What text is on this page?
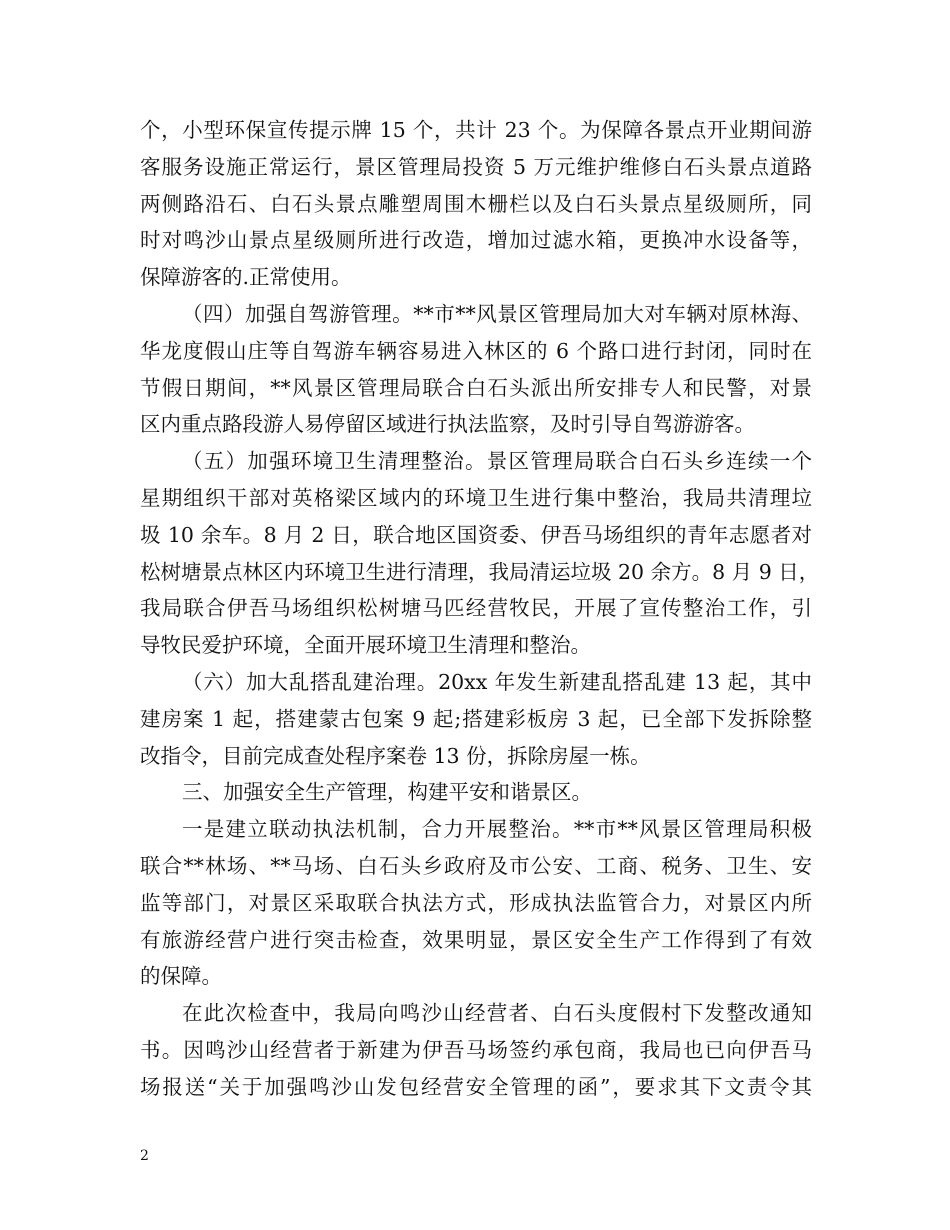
个，小型环保宣传提示牌 15 个，共计 23 个。为保障各景点开业期间游
客服务设施正常运行，景区管理局投资 5 万元维护维修白石头景点道路
两侧路沿石、白石头景点雕塑周围木栅栏以及白石头景点星级厕所，同
时对鸣沙山景点星级厕所进行改造，增加过滤水箱，更换冲水设备等，
保障游客的.正常使用。
（四）加强自驾游管理。**市**风景区管理局加大对车辆对原林海、
华龙度假山庄等自驾游车辆容易进入林区的 6 个路口进行封闭，同时在
节假日期间，**风景区管理局联合白石头派出所安排专人和民警，对景
区内重点路段游人易停留区域进行执法监察，及时引导自驾游游客。
（五）加强环境卫生清理整治。景区管理局联合白石头乡连续一个
星期组织干部对英格梁区域内的环境卫生进行集中整治，我局共清理垃
圾 10 余车。8 月 2 日，联合地区国资委、伊吾马场组织的青年志愿者对
松树塘景点林区内环境卫生进行清理，我局清运垃圾 20 余方。8 月 9 日，
我局联合伊吾马场组织松树塘马匹经营牧民，开展了宣传整治工作，引
导牧民爱护环境，全面开展环境卫生清理和整治。
（六）加大乱搭乱建治理。20xx 年发生新建乱搭乱建 13 起，其中
建房案 1 起，搭建蒙古包案 9 起;搭建彩板房 3 起，已全部下发拆除整
改指令，目前完成查处程序案卷 13 份，拆除房屋一栋。
三、加强安全生产管理，构建平安和谐景区。
一是建立联动执法机制，合力开展整治。**市**风景区管理局积极
联合**林场、**马场、白石头乡政府及市公安、工商、税务、卫生、安
监等部门，对景区采取联合执法方式，形成执法监管合力，对景区内所
有旅游经营户进行突击检查，效果明显，景区安全生产工作得到了有效
的保障。
在此次检查中，我局向鸣沙山经营者、白石头度假村下发整改通知
书。因鸣沙山经营者于新建为伊吾马场签约承包商，我局也已向伊吾马
场报送“关于加强鸣沙山发包经营安全管理的函”，要求其下文责令其
2
